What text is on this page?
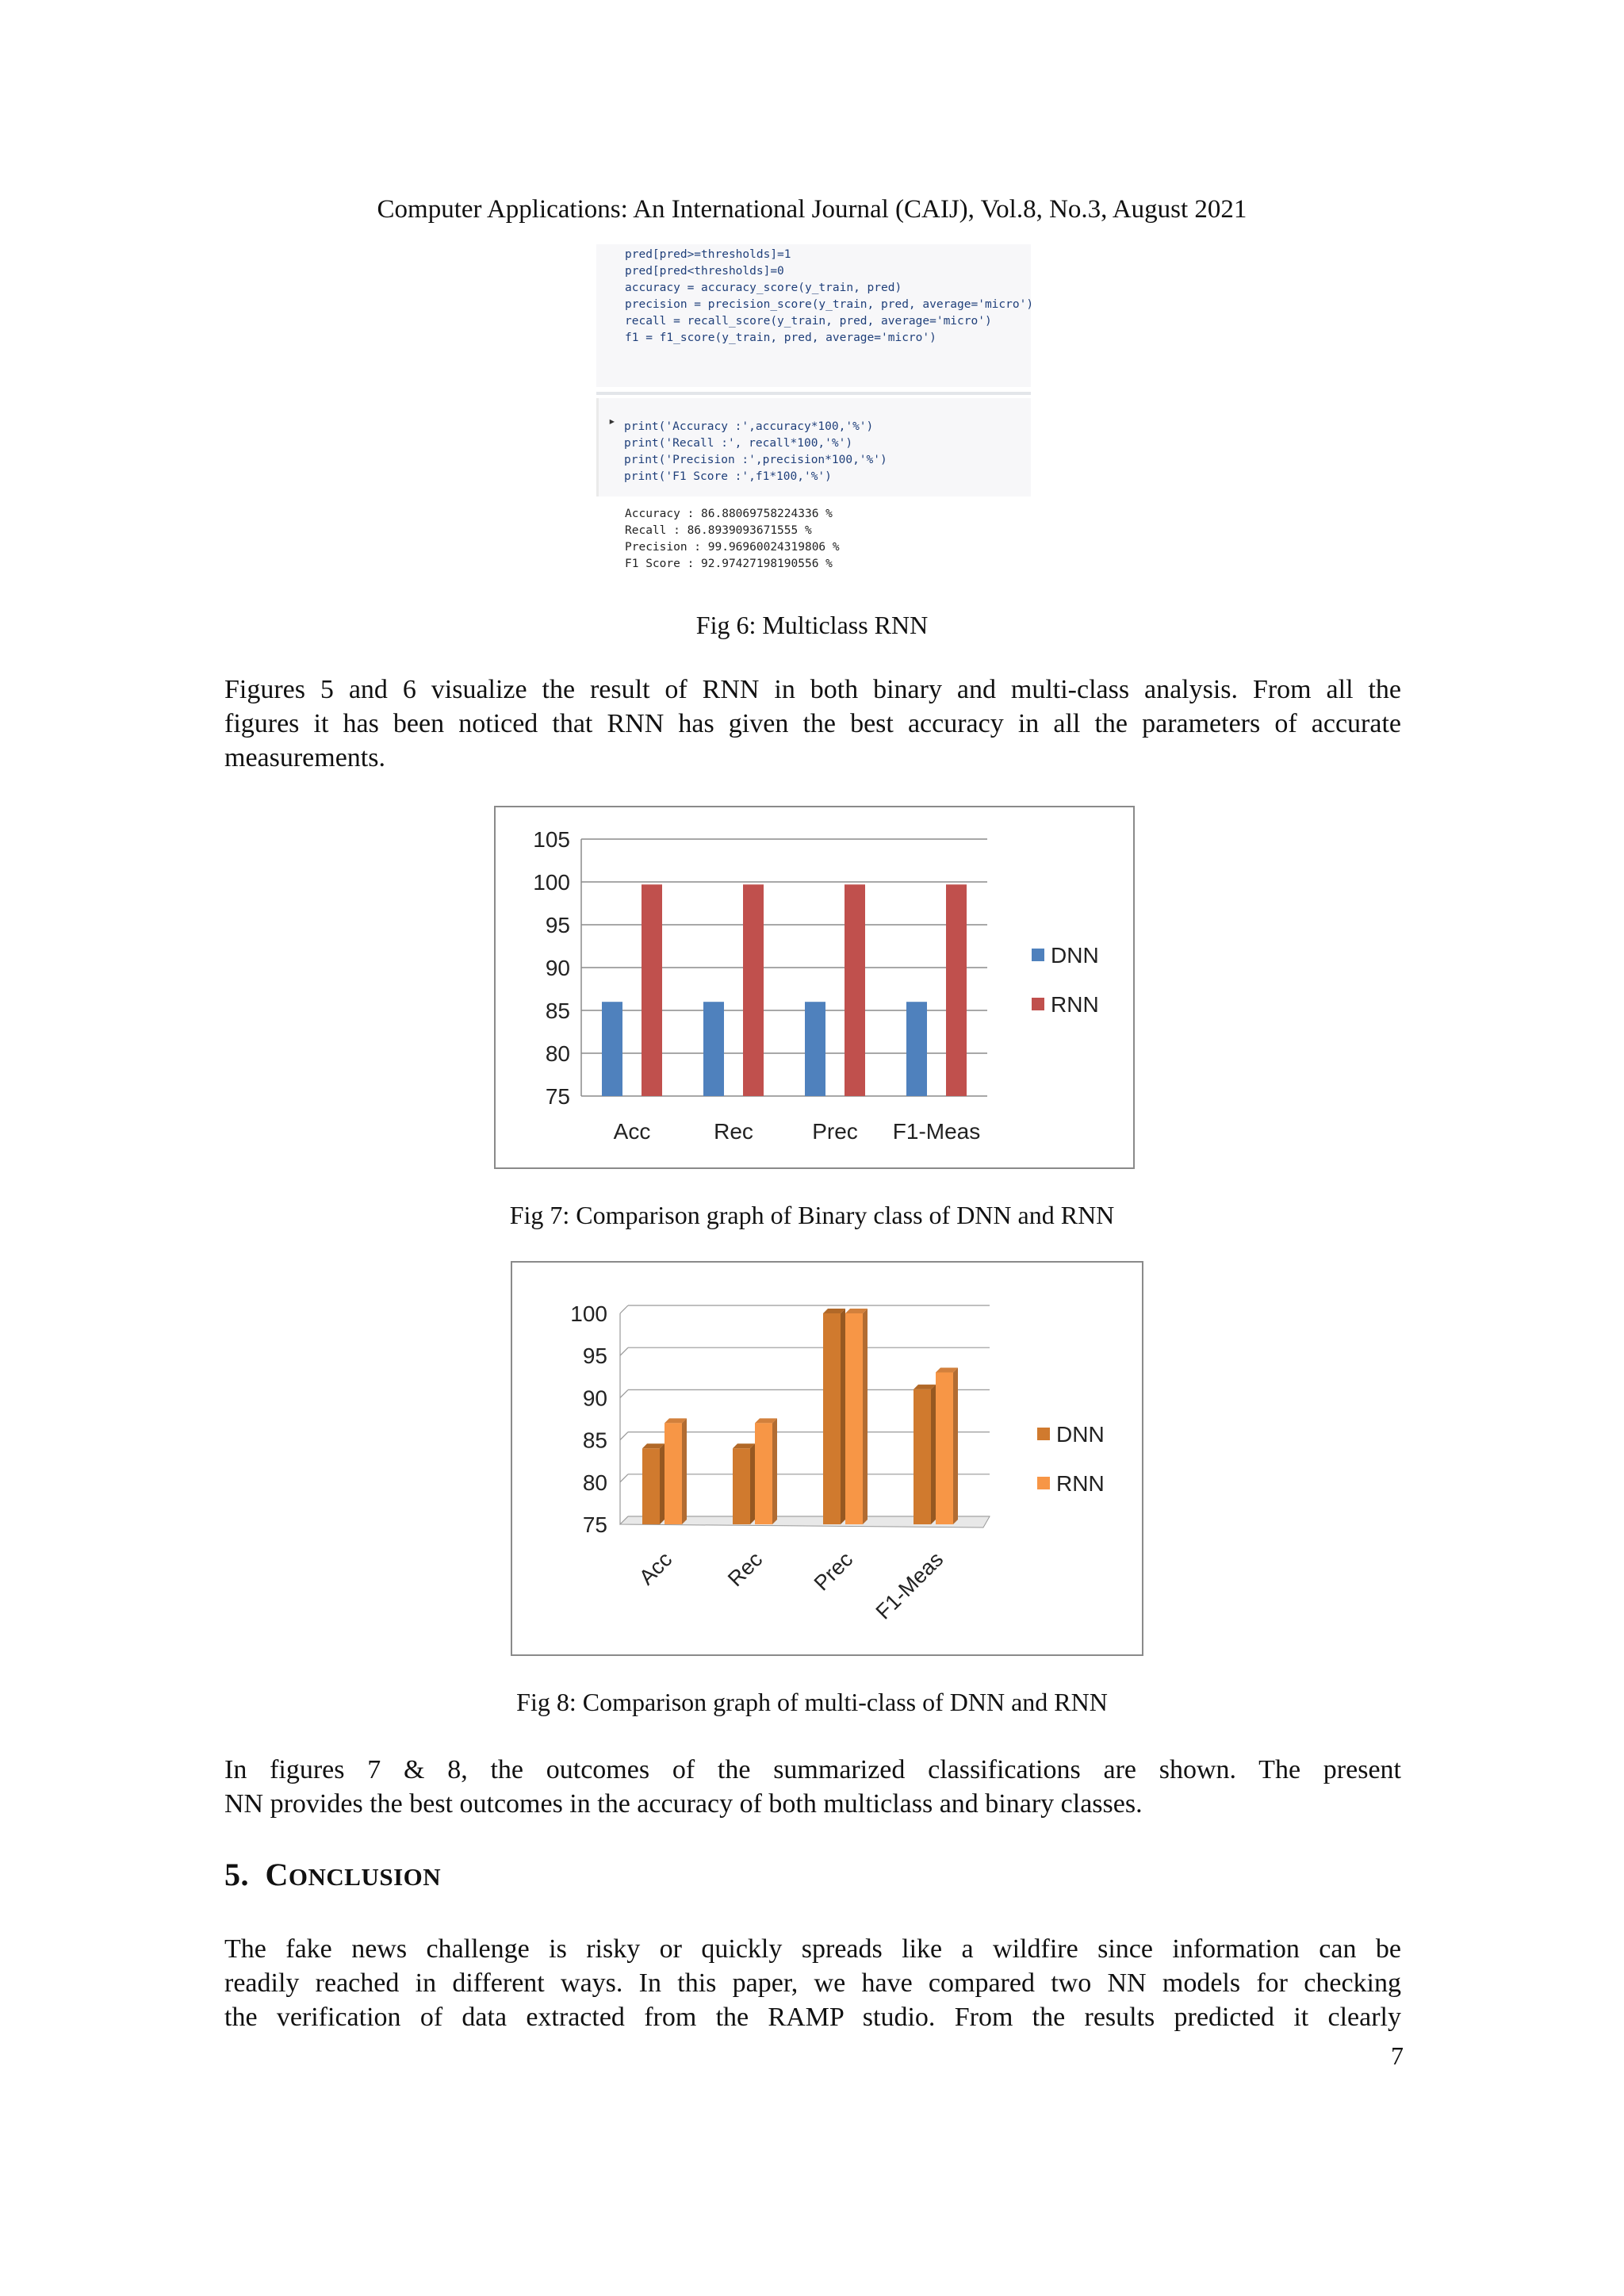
Computer Applications: An International Journal (CAIJ), Vol.8, No.3, August 2021
pred[pred>=thresholds]=1
pred[pred<thresholds]=0
accuracy = accuracy_score(y_train, pred)
precision = precision_score(y_train, pred, average='micro')
recall = recall_score(y_train, pred, average='micro')
f1 = f1_score(y_train, pred, average='micro')
▸ print('Accuracy :',accuracy*100,'%')
print('Recall :', recall*100,'%')
print('Precision :',precision*100,'%')
print('F1 Score :',f1*100,'%')
Accuracy : 86.88069758224336 %
Recall : 86.8939093671555 %
Precision : 99.96960024319806 %
F1 Score : 92.97427198190556 %
Fig 6: Multiclass RNN
Figures 5 and 6 visualize the result of RNN in both binary and multi-class analysis. From all the
figures it has been noticed that RNN has given the best accuracy in all the parameters of accurate
measurements.
75
80
85
90
95
100
105
Acc	Rec	Prec F1-Meas
DNN
RNN
Fig 7: Comparison graph of Binary class of DNN and RNN
75
80
85
90
95
100
Acc Rec Prec F1-Meas
DNN
RNN
Fig 8: Comparison graph of multi-class of DNN and RNN
In figures 7 & 8, the outcomes of the summarized classifications are shown. The present
NN provides the best outcomes in the accuracy of both multiclass and binary classes.
5. CONCLUSION
The fake news challenge is risky or quickly spreads like a wildfire since information can be
readily reached in different ways. In this paper, we have compared two NN models for checking
the verification of data extracted from the RAMP studio. From the results predicted it clearly
7
